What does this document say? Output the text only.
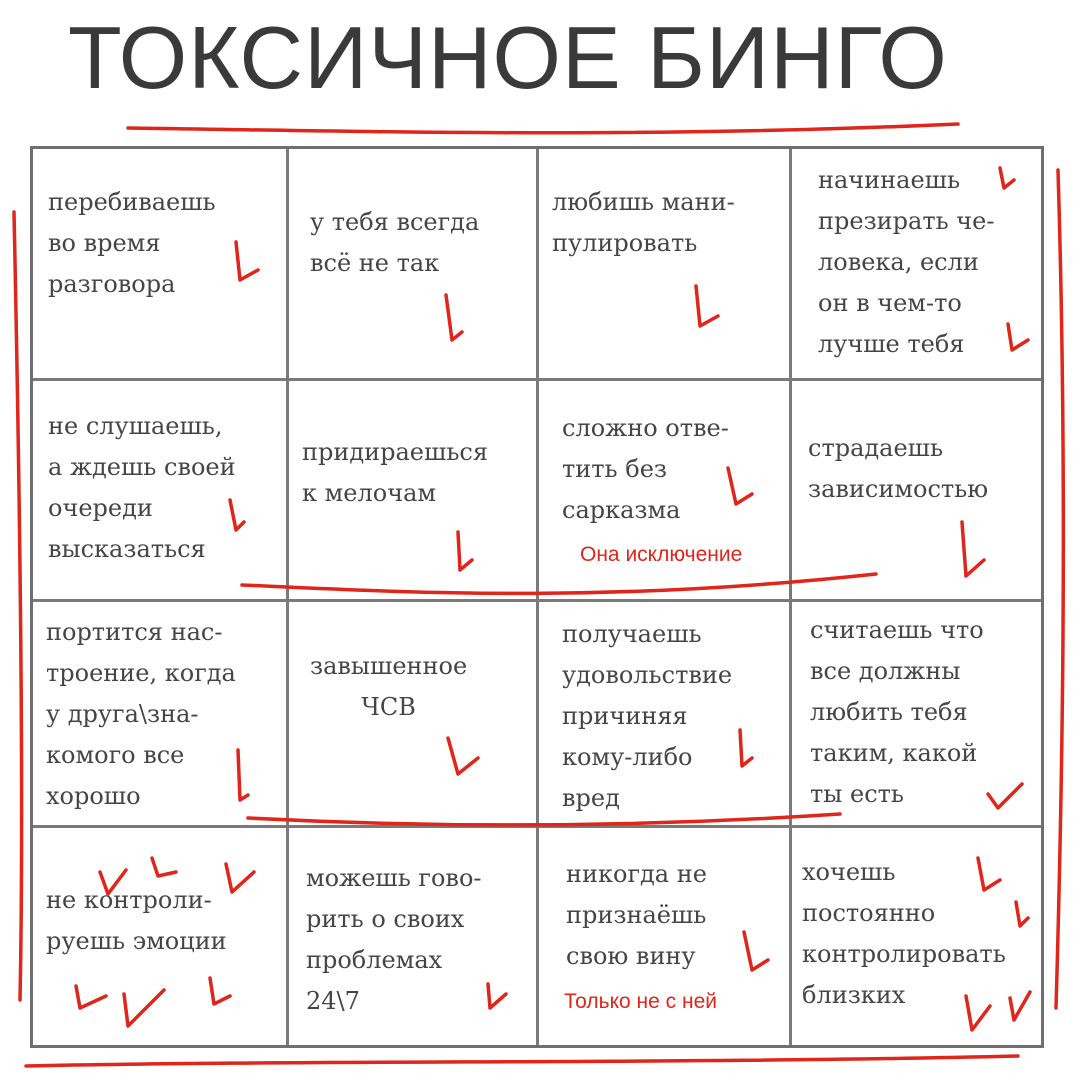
ТОКСИЧНОЕ БИНГО
перебиваешь
во время
разговора
у тебя всегда
всё не так
любишь мани-
пулировать
начинаешь
презирать че-
ловека, если
он в чем-то
лучше тебя
не слушаешь,
а ждешь своей
очереди
высказаться
придираешься
к мелочам
сложно отве-
тить без
сарказма
страдаешь
зависимостью
портится нас-
троение, когда
у друга\зна-
комого все
хорошо
завышенное
ЧСВ
получаешь
удовольствие
причиняя
кому-либо
вред
считаешь что
все должны
любить тебя
таким, какой
ты есть
не контроли-
руешь эмоции
можешь гово-
рить о своих
проблемах
24\7
никогда не
признаёшь
свою вину
хочешь
постоянно
контролировать
близких
Она исключение
Только не с ней
